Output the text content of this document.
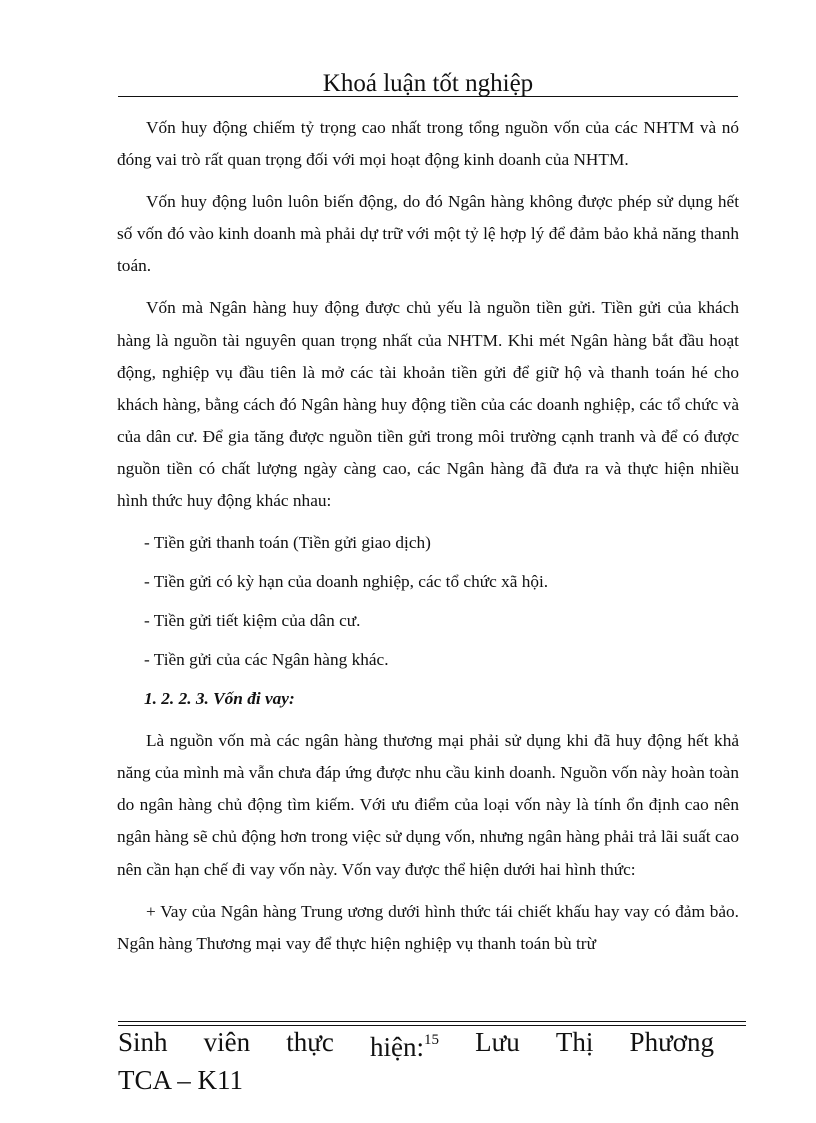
Khoá luận tốt nghiệp

Vốn huy động chiếm tỷ trọng cao nhất trong tổng nguồn vốn của các NHTM và nó đóng vai trò rất quan trọng đối với mọi hoạt động kinh doanh của NHTM.

Vốn huy động luôn luôn biến động, do đó Ngân hàng không được phép sử dụng hết số vốn đó vào kinh doanh mà phải dự trữ với một tỷ lệ hợp lý để đảm bảo khả năng thanh toán.

Vốn mà Ngân hàng huy động được chủ yếu là nguồn tiền gửi. Tiền gửi của khách hàng là nguồn tài nguyên quan trọng nhất của NHTM. Khi mét Ngân hàng bắt đầu hoạt động, nghiệp vụ đầu tiên là mở các tài khoản tiền gửi để giữ hộ và thanh toán hé cho khách hàng, bằng cách đó Ngân hàng huy động tiền của các doanh nghiệp, các tổ chức và của dân cư. Để gia tăng được nguồn tiền gửi trong môi trường cạnh tranh và để có được nguồn tiền có chất lượng ngày càng cao, các Ngân hàng đã đưa ra và thực hiện nhiều hình thức huy động khác nhau:

- Tiền gửi thanh toán (Tiền gửi giao dịch)
- Tiền gửi có kỳ hạn của doanh nghiệp, các tổ chức xã hội.
- Tiền gửi tiết kiệm của dân cư.
- Tiền gửi của các Ngân hàng khác.
1. 2. 2. 3. Vốn đi vay:

Là nguồn vốn mà các ngân hàng thương mại phải sử dụng khi đã huy động hết khả năng của mình mà vẫn chưa đáp ứng được nhu cầu kinh doanh. Nguồn vốn này hoàn toàn do ngân hàng chủ động tìm kiếm. Với ưu điểm của loại vốn này là tính ổn định cao nên ngân hàng sẽ chủ động hơn trong việc sử dụng vốn, nhưng ngân hàng phải trả lãi suất cao nên cần hạn chế đi vay vốn này. Vốn vay được thể hiện dưới hai hình thức:

+ Vay của Ngân hàng Trung ương dưới hình thức tái chiết khấu hay vay có đảm bảo. Ngân hàng Thương mại vay để thực hiện nghiệp vụ thanh toán bù trừ

Sinh viên thực hiện:$^{15}$ Lưu Thị Phương
TCA – K11
